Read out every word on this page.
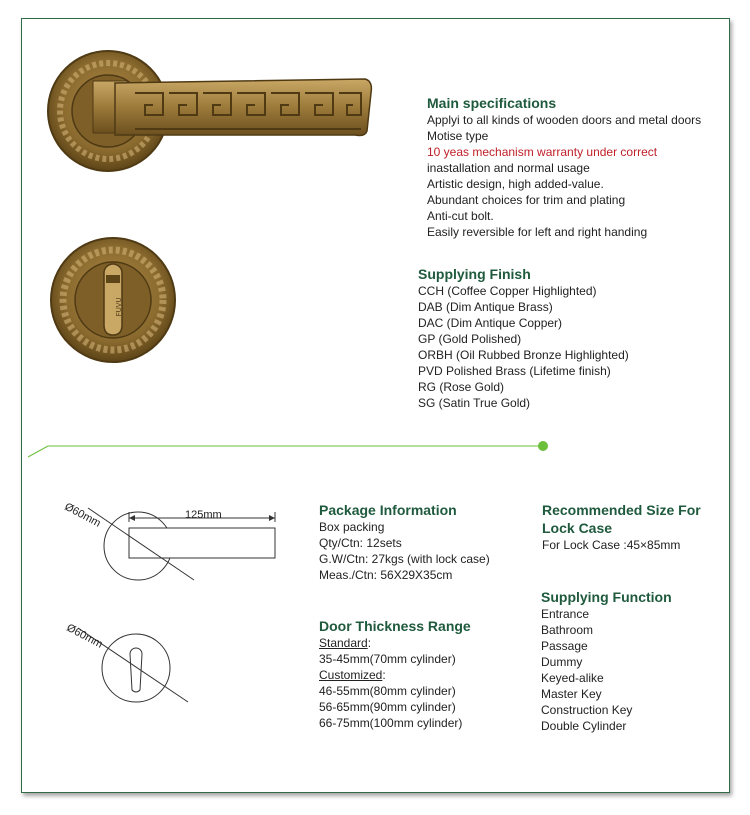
FUVU
Main specifications
Applyi to all kinds of wooden doors and metal doors
Motise type
10 yeas mechanism warranty under correct
inastallation and normal usage
Artistic design, high added-value.
Abundant choices for trim and plating
Anti-cut bolt.
Easily reversible for left and right handing
Supplying Finish
CCH (Coffee Copper Highlighted)
DAB (Dim Antique Brass)
DAC (Dim Antique Copper)
GP (Gold Polished)
ORBH (Oil Rubbed Bronze Highlighted)
PVD Polished Brass (Lifetime finish)
RG (Rose Gold)
SG (Satin True Gold)
Ø60mm	125mm
Ø60mm
Package Information
Box packing
Qty/Ctn: 12sets
G.W/Ctn: 27kgs (with lock case)
Meas./Ctn: 56X29X35cm
Door Thickness Range
Standard:
35-45mm(70mm cylinder)
Customized:
46-55mm(80mm cylinder)
56-65mm(90mm cylinder)
66-75mm(100mm cylinder)
Recommended Size For
Lock Case
For Lock Case :45×85mm
Supplying Function
Entrance
Bathroom
Passage
Dummy
Keyed-alike
Master Key
Construction Key
Double Cylinder
